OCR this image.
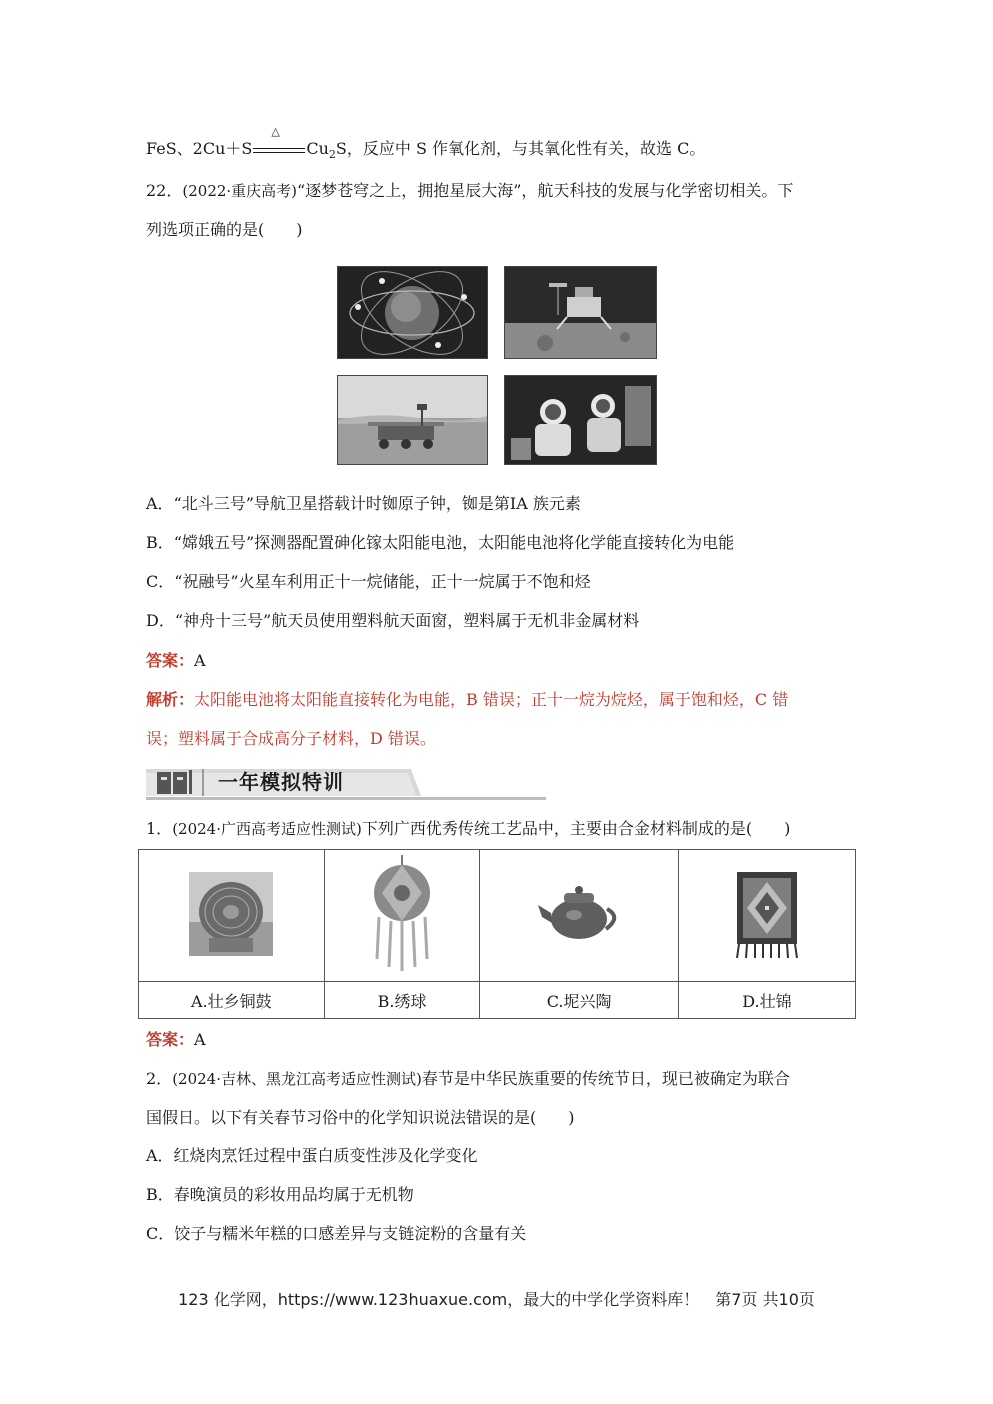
FeS、2Cu＋S
△
$Cu_2S$，反应中 S 作氧化剂，与其氧化性有关，故选 C。
22．(2022·重庆高考)“逐梦苍穹之上，拥抱星辰大海”，航天科技的发展与化学密切相关。下
列选项正确的是(　　)
A．“北斗三号”导航卫星搭载计时铷原子钟，铷是第ⅠA 族元素
B．“嫦娥五号”探测器配置砷化镓太阳能电池，太阳能电池将化学能直接转化为电能
C．“祝融号”火星车利用正十一烷储能，正十一烷属于不饱和烃
D．“神舟十三号”航天员使用塑料航天面窗，塑料属于无机非金属材料
答案：A
解析：太阳能电池将太阳能直接转化为电能，B 错误；正十一烷为烷烃，属于饱和烃，C 错
误；塑料属于合成高分子材料，D 错误。
一年模拟特训
1．(2024·广西高考适应性测试)下列广西优秀传统工艺品中，主要由合金材料制成的是(　　)

A.壮乡铜鼓	B.绣球	C.坭兴陶	D.壮锦
答案：A
2．(2024·吉林、黑龙江高考适应性测试)春节是中华民族重要的传统节日，现已被确定为联合
国假日。以下有关春节习俗中的化学知识说法错误的是(　　)
A．红烧肉烹饪过程中蛋白质变性涉及化学变化
B．春晚演员的彩妆用品均属于无机物
C．饺子与糯米年糕的口感差异与支链淀粉的含量有关
123 化学网，https://www.123huaxue.com，最大的中学化学资料库！　第7页 共10页
